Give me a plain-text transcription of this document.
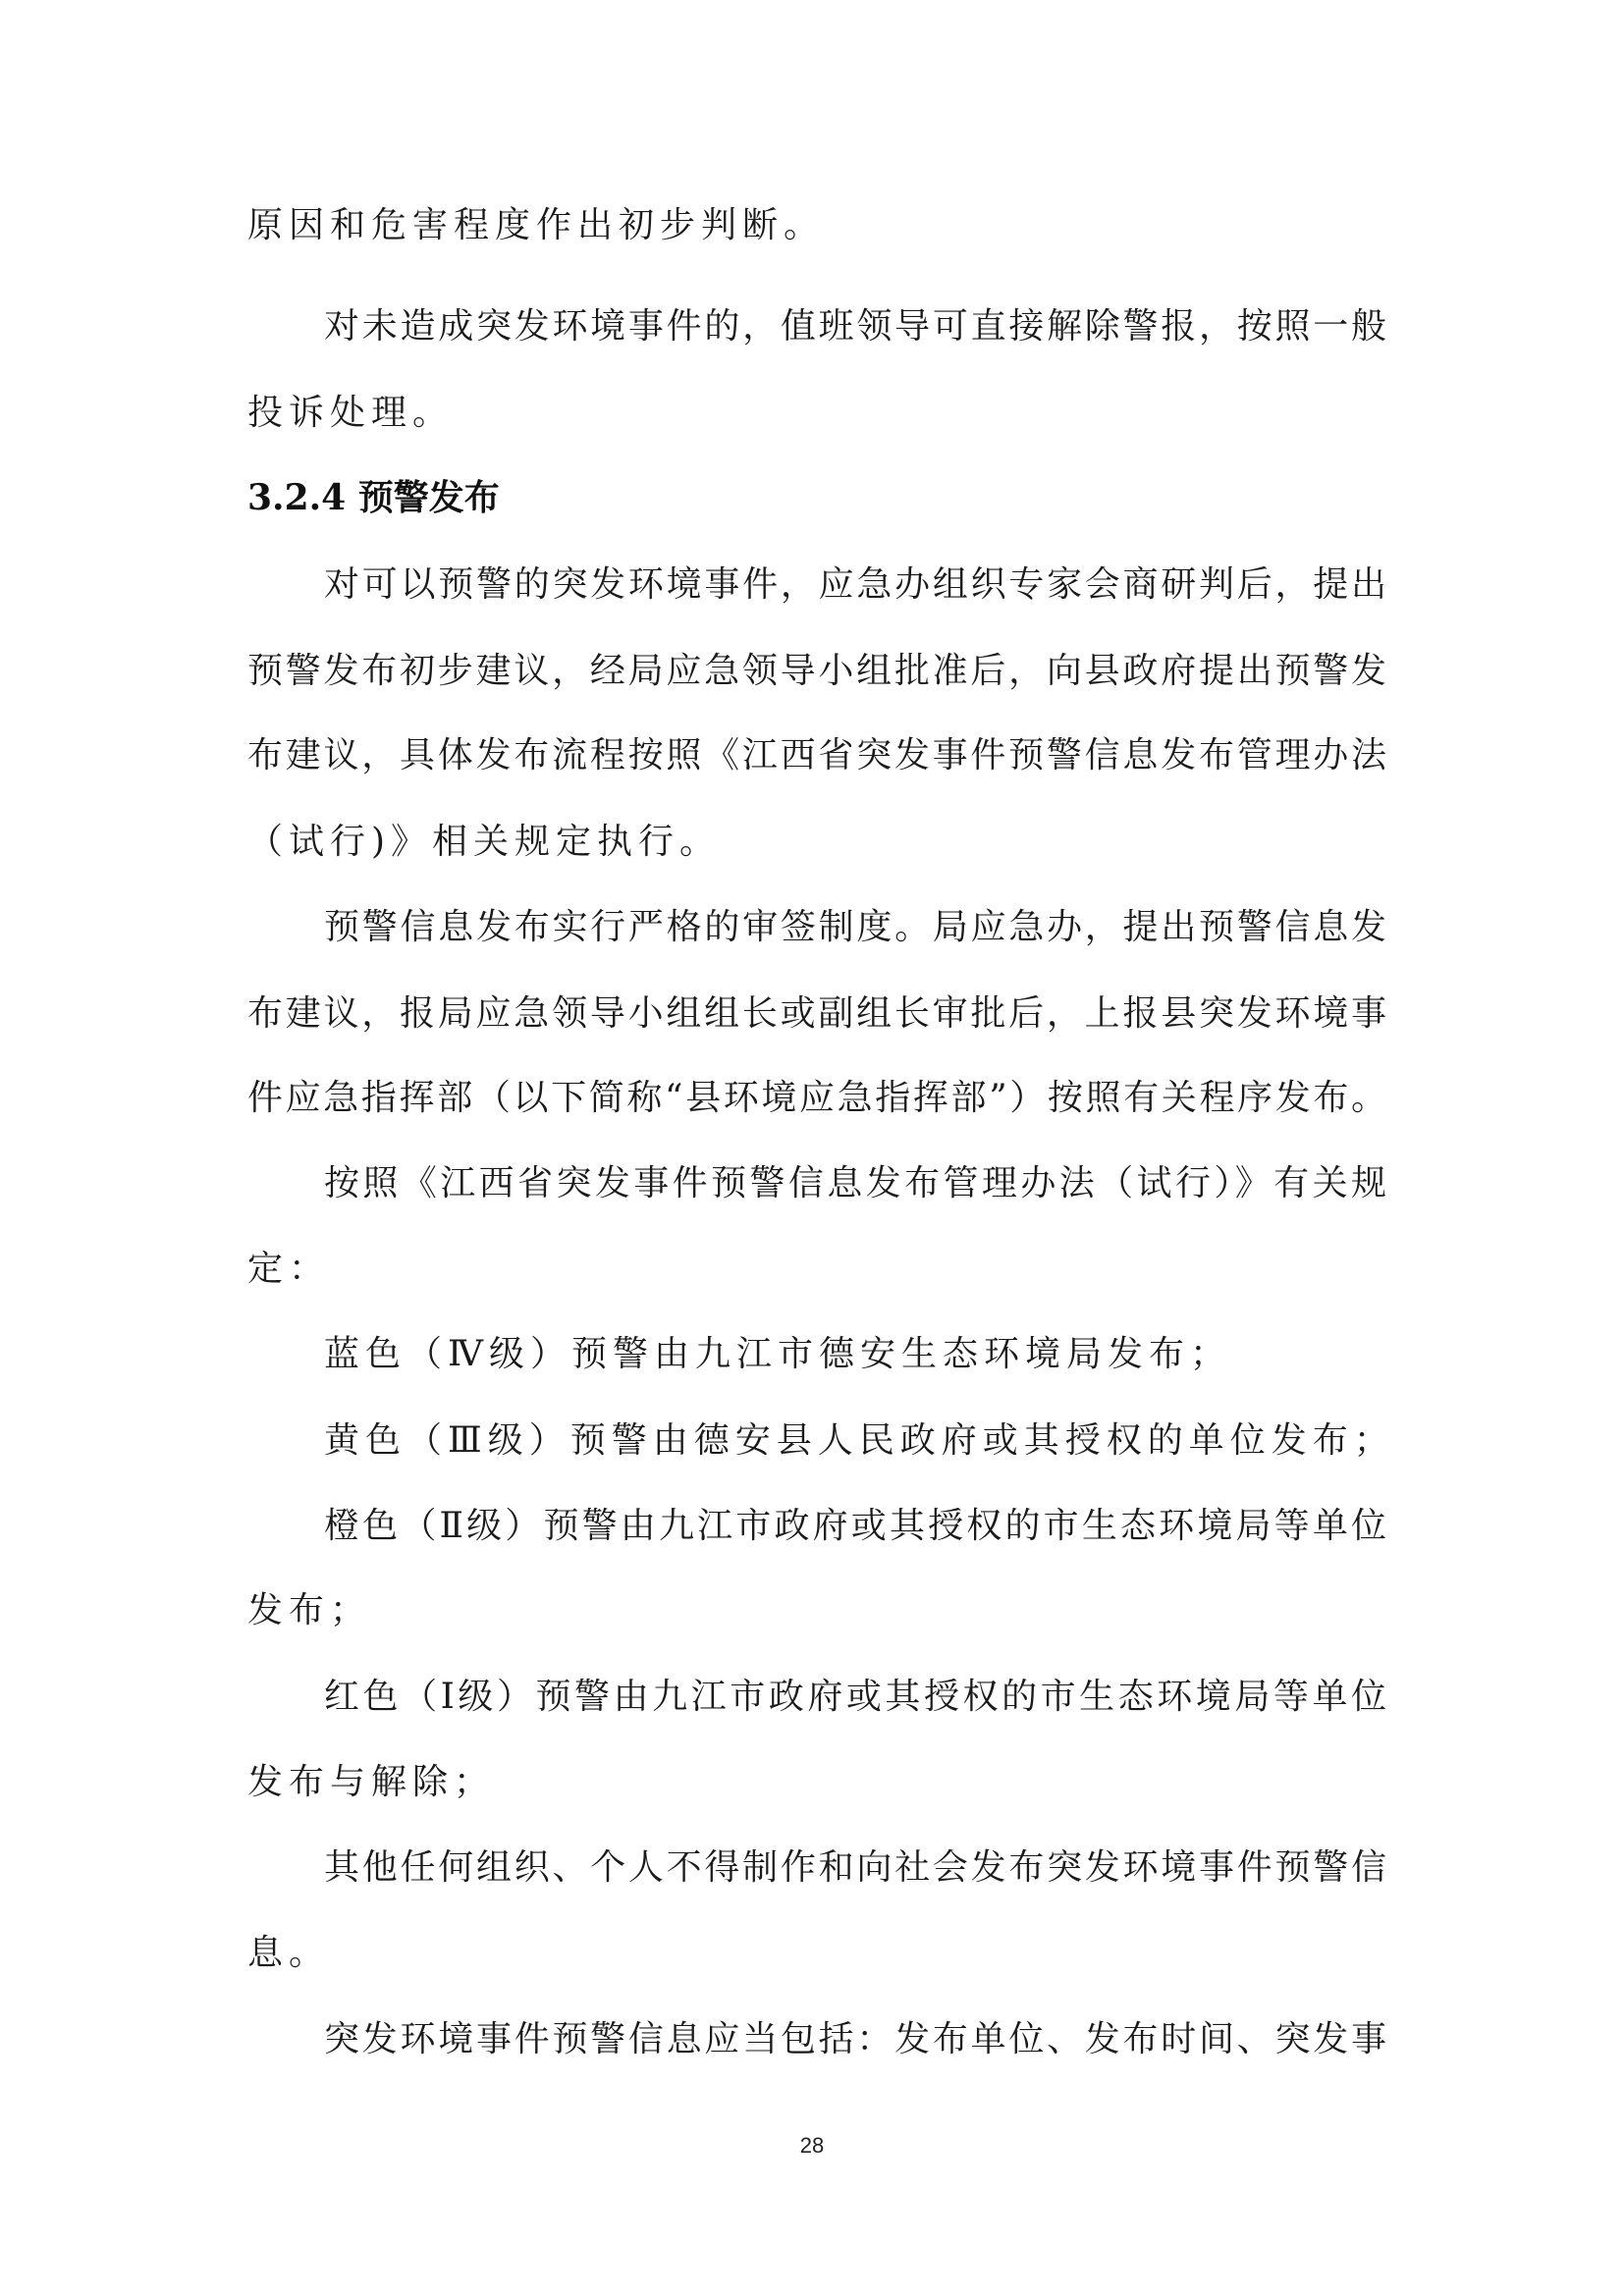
原因和危害程度作出初步判断。

对未造成突发环境事件的，值班领导可直接解除警报，按照一般

投诉处理。

3.2.4 预警发布

对可以预警的突发环境事件，应急办组织专家会商研判后，提出

预警发布初步建议，经局应急领导小组批准后，向县政府提出预警发

布建议，具体发布流程按照《江西省突发事件预警信息发布管理办法

（试行)》相关规定执行。

预警信息发布实行严格的审签制度。局应急办，提出预警信息发

布建议，报局应急领导小组组长或副组长审批后，上报县突发环境事

件应急指挥部（以下简称“县环境应急指挥部”）按照有关程序发布。

按照《江西省突发事件预警信息发布管理办法（试行）》有关规

定：

蓝色（Ⅳ级）预警由九江市德安生态环境局发布；

黄色（Ⅲ级）预警由德安县人民政府或其授权的单位发布；

橙色（Ⅱ级）预警由九江市政府或其授权的市生态环境局等单位

发布；

红色（Ⅰ级）预警由九江市政府或其授权的市生态环境局等单位

发布与解除；

其他任何组织、个人不得制作和向社会发布突发环境事件预警信

息。

突发环境事件预警信息应当包括：发布单位、发布时间、突发事

28
